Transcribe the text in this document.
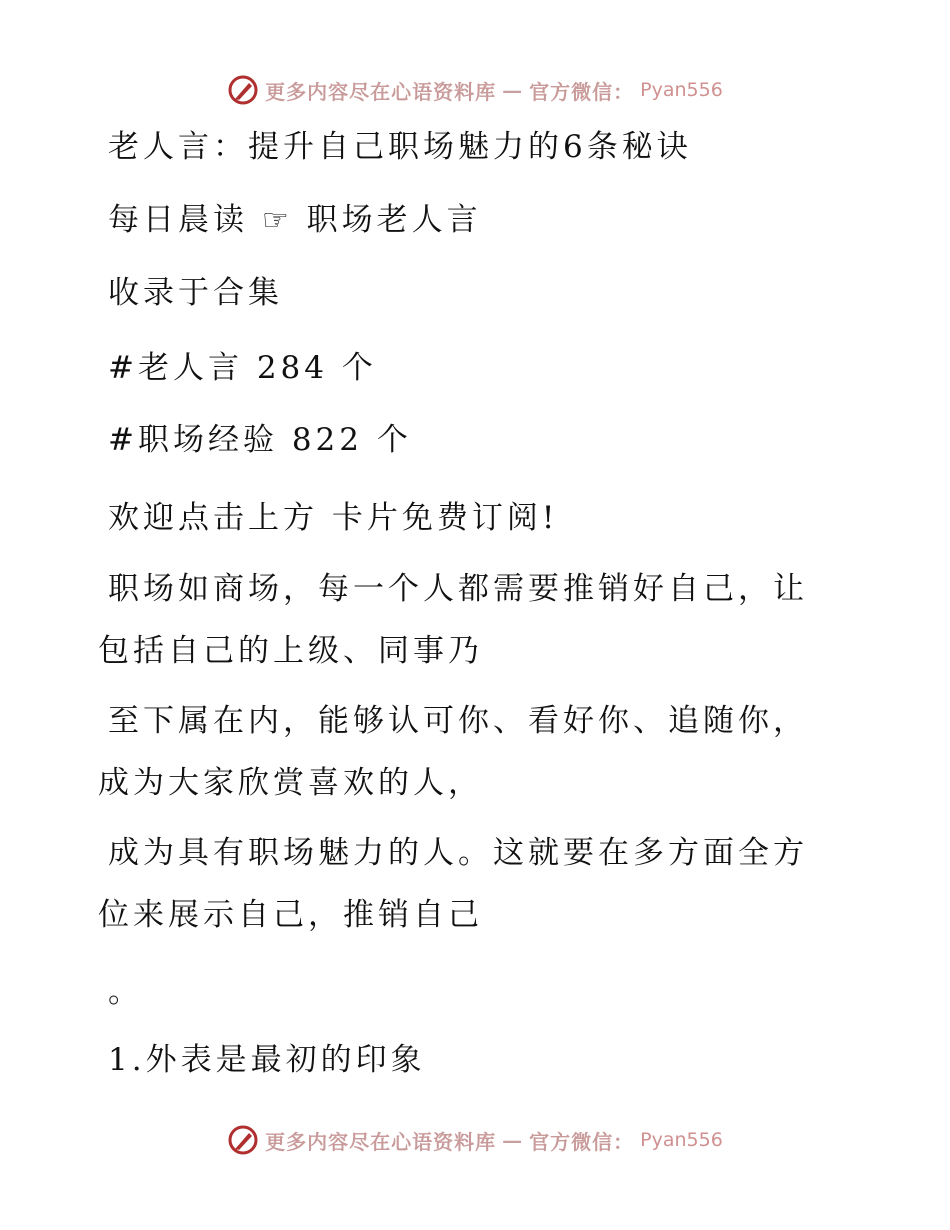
更多内容尽在心语资料库 — 官方微信： Pyan556
老人言：提升自己职场魅力的6条秘诀
每日晨读 ☞ 职场老人言
收录于合集
#老人言 284 个
#职场经验 822 个
欢迎点击上方 卡片免费订阅!
职场如商场，每一个人都需要推销好自己，让包括自己的上级、同事乃
至下属在内，能够认可你、看好你、追随你，成为大家欣赏喜欢的人，
成为具有职场魅力的人。这就要在多方面全方位来展示自己，推销自己
。
1.外表是最初的印象
更多内容尽在心语资料库 — 官方微信： Pyan556
